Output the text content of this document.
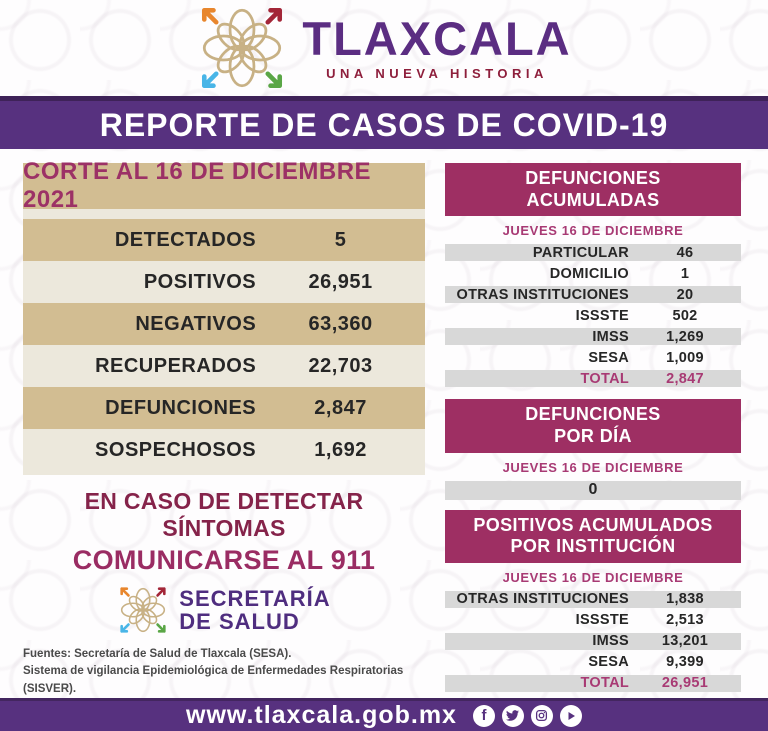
TLAXCALA
UNA NUEVA HISTORIA
REPORTE DE CASOS DE COVID-19
CORTE AL 16 DE DICIEMBRE 2021
DETECTADOS	5
POSITIVOS	26,951
NEGATIVOS	63,360
RECUPERADOS	22,703
DEFUNCIONES	2,847
SOSPECHOSOS	1,692
EN CASO DE DETECTAR SÍNTOMAS
COMUNICARSE AL 911
SECRETARÍA
DE SALUD
Fuentes: Secretaría de Salud de Tlaxcala (SESA).
Sistema de vigilancia Epidemiológica de Enfermedades Respiratorias (SISVER).
DEFUNCIONES
ACUMULADAS
JUEVES 16 DE DICIEMBRE
PARTICULAR	46
DOMICILIO	1
OTRAS INSTITUCIONES	20
ISSSTE	502
IMSS	1,269
SESA	1,009
TOTAL	2,847
DEFUNCIONES
POR DÍA
JUEVES 16 DE DICIEMBRE
0
POSITIVOS ACUMULADOS
POR INSTITUCIÓN
JUEVES 16 DE DICIEMBRE
OTRAS INSTITUCIONES	1,838
ISSSTE	2,513
IMSS	13,201
SESA	9,399
TOTAL	26,951
www.tlaxcala.gob.mx	f
